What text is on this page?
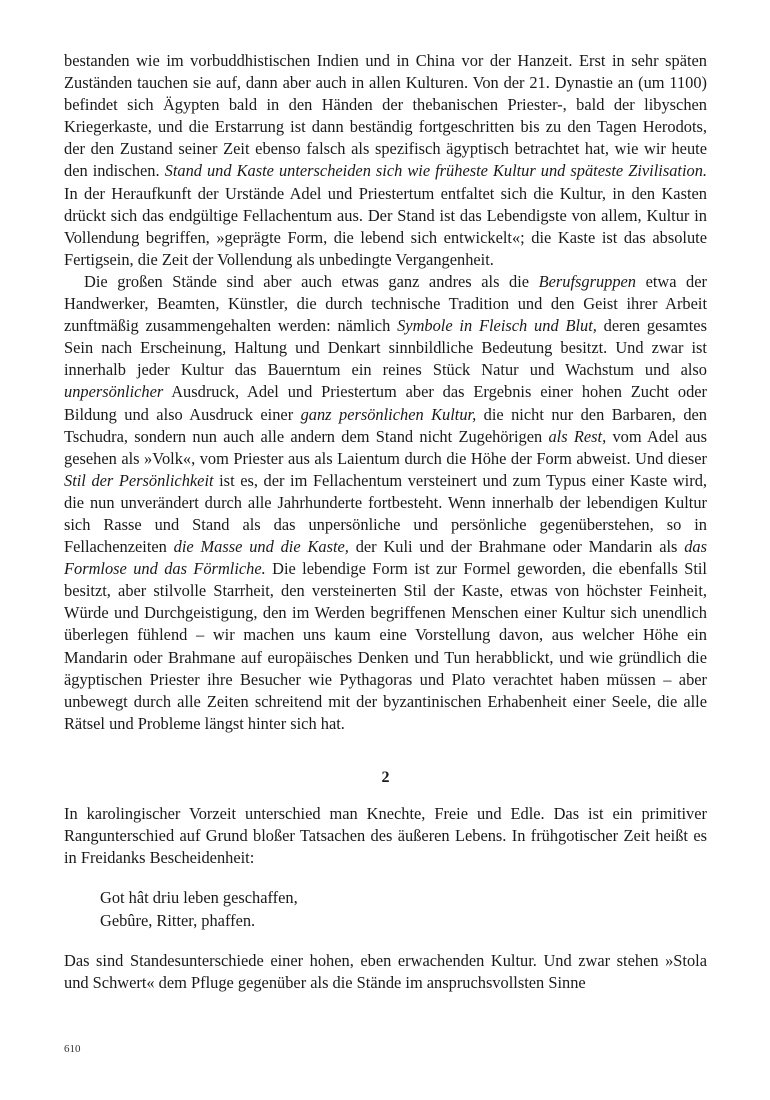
bestanden wie im vorbuddhistischen Indien und in China vor der Hanzeit. Erst in sehr späten Zuständen tauchen sie auf, dann aber auch in allen Kulturen. Von der 21. Dynastie an (um 1100) befindet sich Ägypten bald in den Händen der thebanischen Priester-, bald der libyschen Kriegerkaste, und die Erstarrung ist dann beständig fortgeschritten bis zu den Tagen Herodots, der den Zustand seiner Zeit ebenso falsch als spezifisch ägyptisch betrachtet hat, wie wir heute den indischen. Stand und Kaste unterscheiden sich wie früheste Kultur und späteste Zivilisation. In der Heraufkunft der Urstände Adel und Priestertum entfaltet sich die Kultur, in den Kasten drückt sich das endgültige Fellachentum aus. Der Stand ist das Lebendigste von allem, Kultur in Vollendung begriffen, »geprägte Form, die lebend sich entwickelt«; die Kaste ist das absolute Fertigsein, die Zeit der Vollendung als unbedingte Vergangenheit.

Die großen Stände sind aber auch etwas ganz andres als die Berufsgruppen etwa der Handwerker, Beamten, Künstler, die durch technische Tradition und den Geist ihrer Arbeit zunftmäßig zusammengehalten werden: nämlich Symbole in Fleisch und Blut, deren gesamtes Sein nach Erscheinung, Haltung und Denkart sinnbildliche Bedeutung besitzt. Und zwar ist innerhalb jeder Kultur das Bauerntum ein reines Stück Natur und Wachstum und also unpersönlicher Ausdruck, Adel und Priestertum aber das Ergebnis einer hohen Zucht oder Bildung und also Ausdruck einer ganz persönlichen Kultur, die nicht nur den Barbaren, den Tschudra, sondern nun auch alle andern dem Stand nicht Zugehörigen als Rest, vom Adel aus gesehen als »Volk«, vom Priester aus als Laientum durch die Höhe der Form abweist. Und dieser Stil der Persönlichkeit ist es, der im Fellachentum versteinert und zum Typus einer Kaste wird, die nun unverändert durch alle Jahrhunderte fortbesteht. Wenn innerhalb der lebendigen Kultur sich Rasse und Stand als das unpersönliche und persönliche gegenüberstehen, so in Fellachenzeiten die Masse und die Kaste, der Kuli und der Brahmane oder Mandarin als das Formlose und das Förmliche. Die lebendige Form ist zur Formel geworden, die ebenfalls Stil besitzt, aber stilvolle Starrheit, den versteinerten Stil der Kaste, etwas von höchster Feinheit, Würde und Durchgeistigung, den im Werden begriffenen Menschen einer Kultur sich unendlich überlegen fühlend – wir machen uns kaum eine Vorstellung davon, aus welcher Höhe ein Mandarin oder Brahmane auf europäisches Denken und Tun herabblickt, und wie gründlich die ägyptischen Priester ihre Besucher wie Pythagoras und Plato verachtet haben müssen – aber unbewegt durch alle Zeiten schreitend mit der byzantinischen Erhabenheit einer Seele, die alle Rätsel und Probleme längst hinter sich hat.

2

In karolingischer Vorzeit unterschied man Knechte, Freie und Edle. Das ist ein primitiver Rangunterschied auf Grund bloßer Tatsachen des äußeren Lebens. In frühgotischer Zeit heißt es in Freidanks Bescheidenheit:

Got hât driu leben geschaffen,
Gebûre, Ritter, phaffen.

Das sind Standesunterschiede einer hohen, eben erwachenden Kultur. Und zwar stehen »Stola und Schwert« dem Pfluge gegenüber als die Stände im anspruchsvollsten Sinne

610
